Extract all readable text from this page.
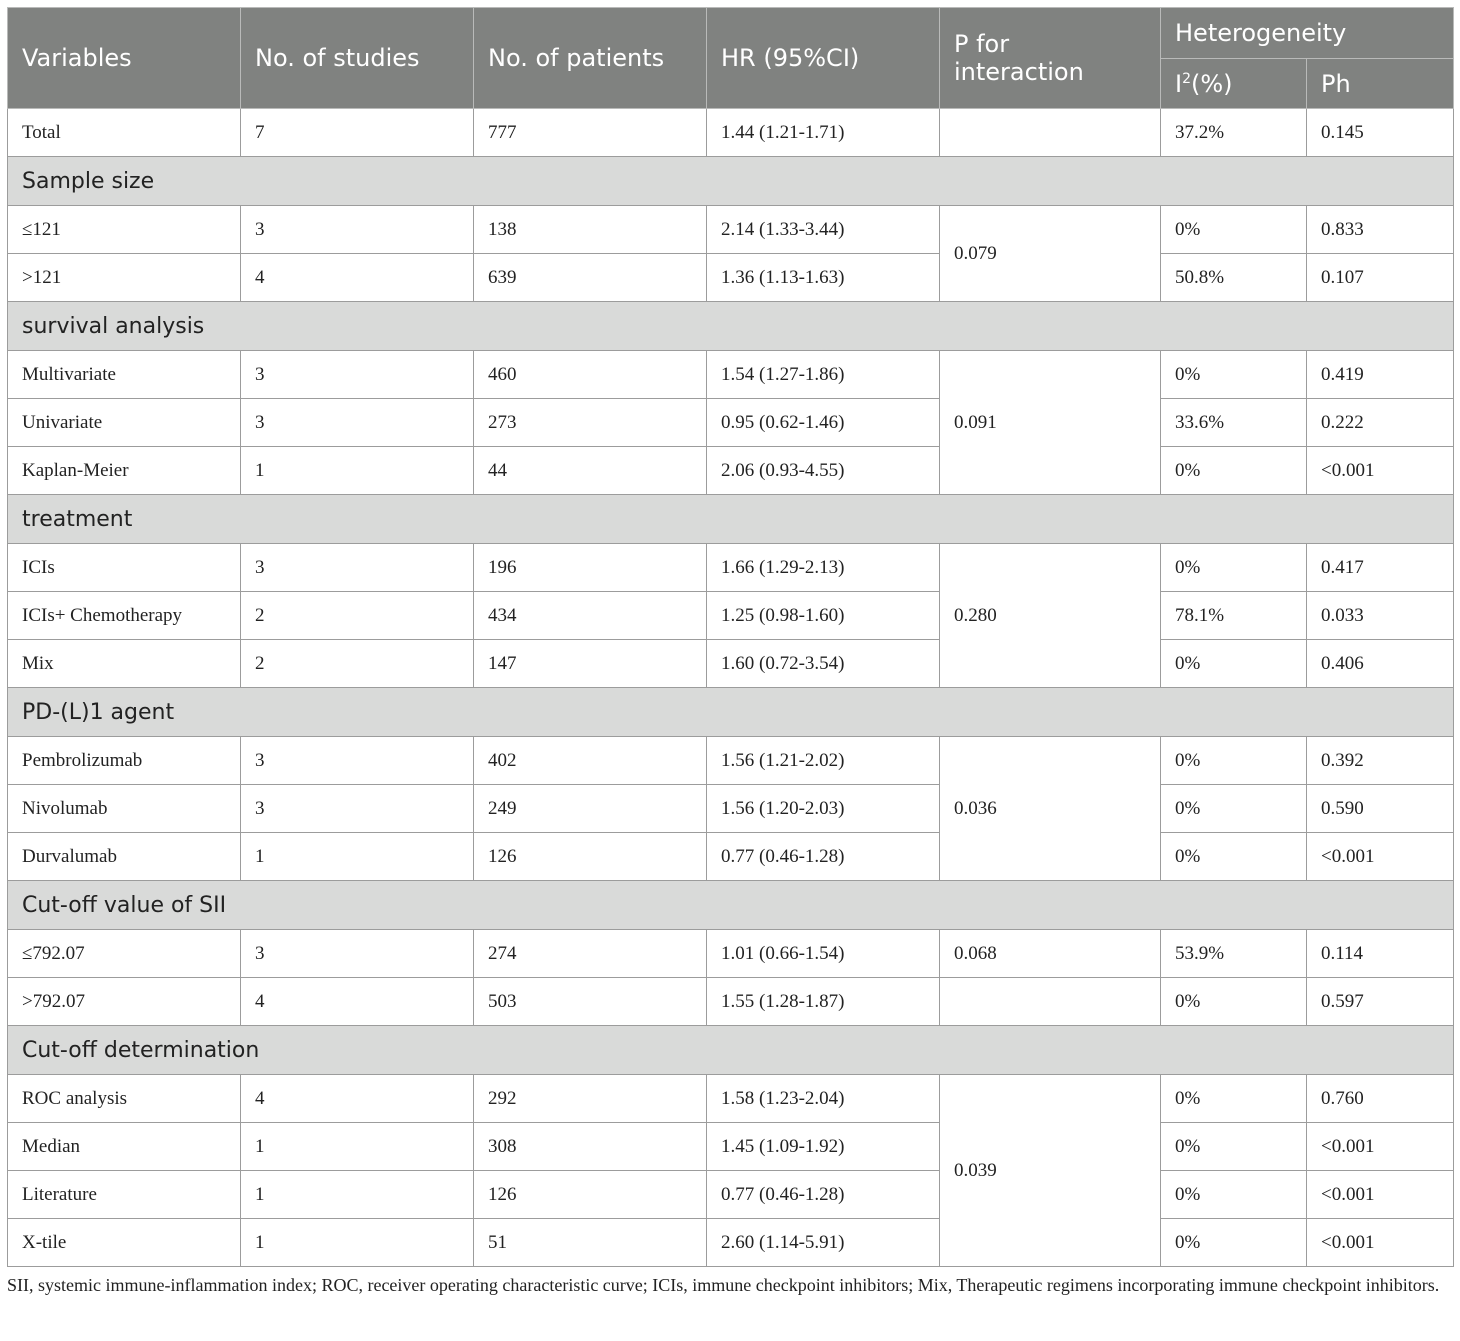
Variables	No. of studies	No. of patients	HR (95%CI)	P for interaction	Heterogeneity	
					$I^2(\%)$	Ph
Total	7	777	1.44 (1.21-1.71)		37.2%	0.145
Sample size						
≤121	3	138	2.14 (1.33-3.44)	0.079	0%	0.833
>121	4	639	1.36 (1.13-1.63)		50.8%	0.107
survival analysis						
Multivariate	3	460	1.54 (1.27-1.86)	0.091	0%	0.419
Univariate	3	273	0.95 (0.62-1.46)		33.6%	0.222
Kaplan-Meier	1	44	2.06 (0.93-4.55)		0%	<0.001
treatment						
ICIs	3	196	1.66 (1.29-2.13)	0.280	0%	0.417
ICIs+ Chemotherapy	2	434	1.25 (0.98-1.60)		78.1%	0.033
Mix	2	147	1.60 (0.72-3.54)		0%	0.406
PD-(L)1 agent						
Pembrolizumab	3	402	1.56 (1.21-2.02)	0.036	0%	0.392
Nivolumab	3	249	1.56 (1.20-2.03)		0%	0.590
Durvalumab	1	126	0.77 (0.46-1.28)		0%	<0.001
Cut-off value of SII						
≤792.07	3	274	1.01 (0.66-1.54)	0.068	53.9%	0.114
>792.07	4	503	1.55 (1.28-1.87)		0%	0.597
Cut-off determination						
ROC analysis	4	292	1.58 (1.23-2.04)	0.039	0%	0.760
Median	1	308	1.45 (1.09-1.92)		0%	<0.001
Literature	1	126	0.77 (0.46-1.28)		0%	<0.001
X-tile	1	51	2.60 (1.14-5.91)		0%	<0.001
SII, systemic immune-inflammation index; ROC, receiver operating characteristic curve; ICIs, immune checkpoint inhibitors; Mix, Therapeutic regimens incorporating immune checkpoint inhibitors.
